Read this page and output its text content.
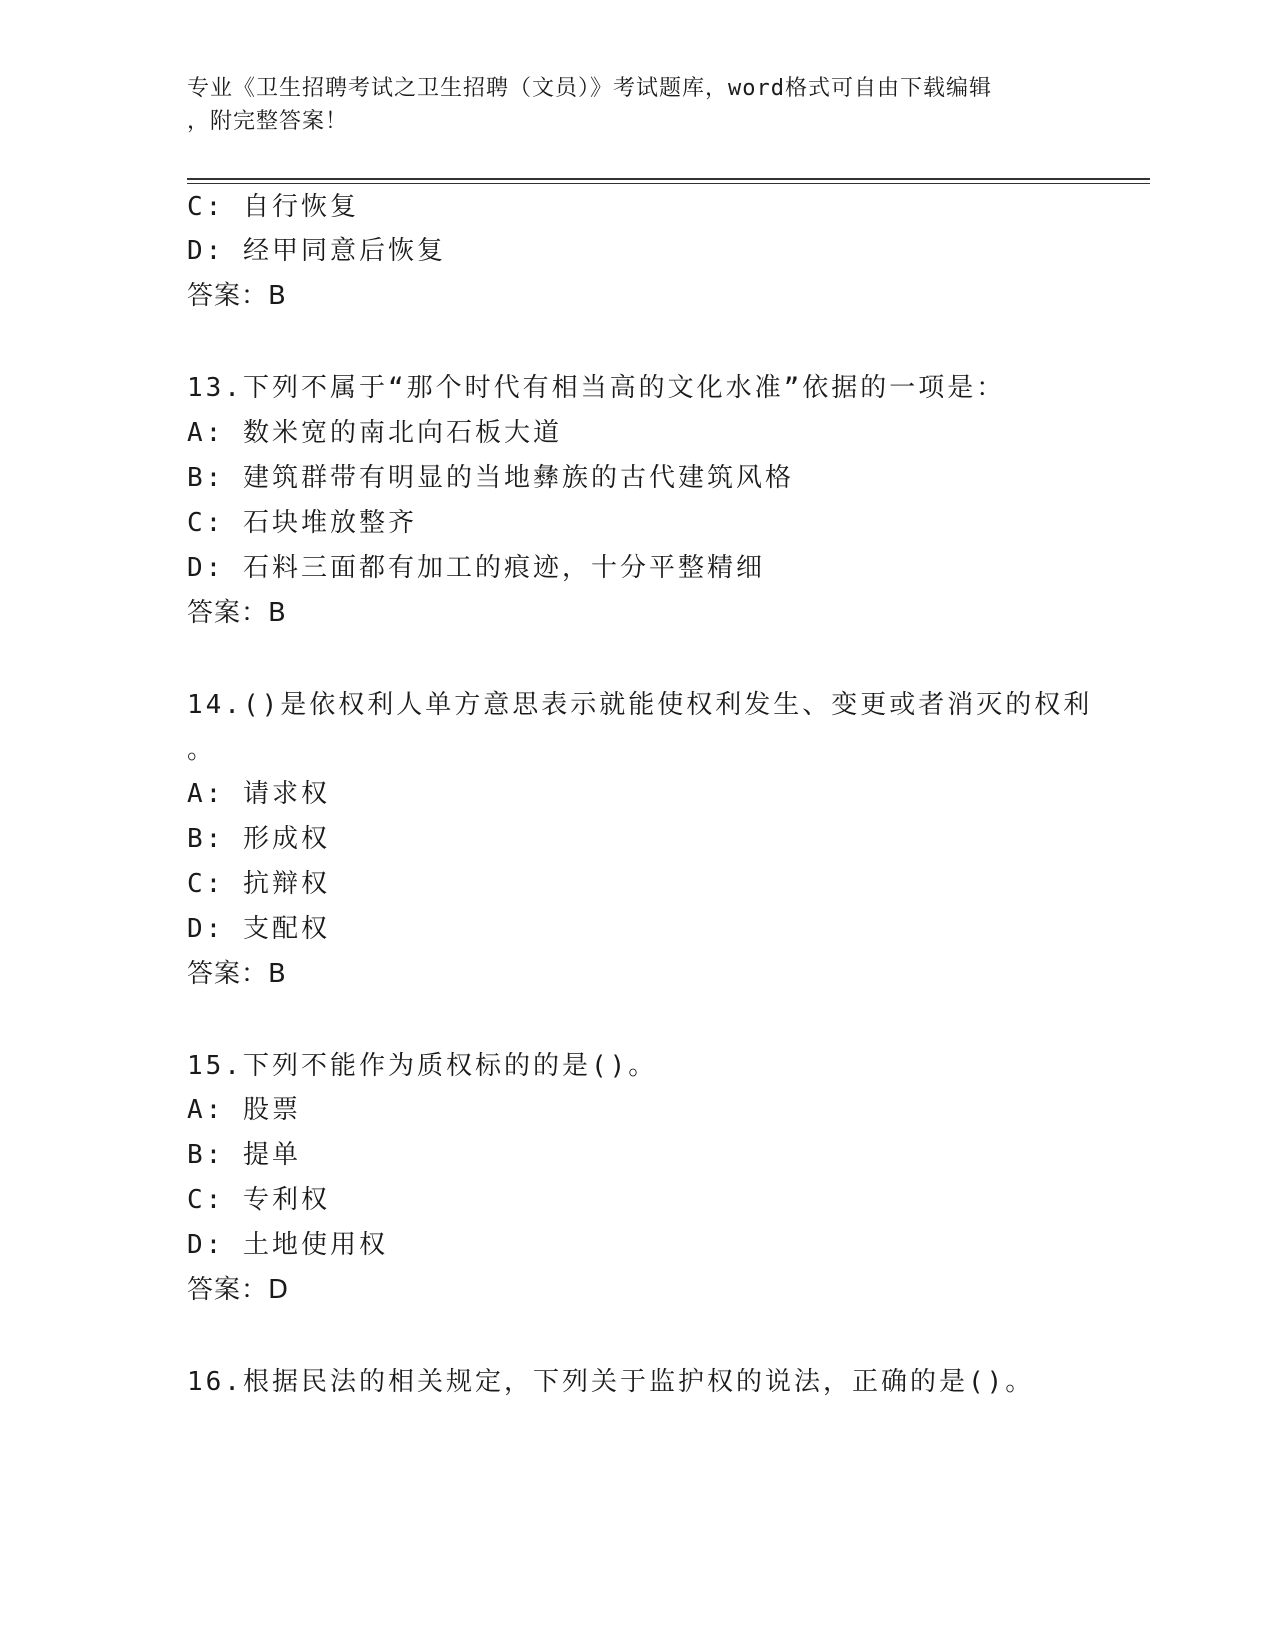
专业《卫生招聘考试之卫生招聘（文员）》考试题库，word格式可自由下载编辑
，附完整答案！
C: 自行恢复
D: 经甲同意后恢复
答案：B
13.下列不属于“那个时代有相当高的文化水准”依据的一项是：
A: 数米宽的南北向石板大道
B: 建筑群带有明显的当地彝族的古代建筑风格
C: 石块堆放整齐
D: 石料三面都有加工的痕迹，十分平整精细
答案：B
14.()是依权利人单方意思表示就能使权利发生、变更或者消灭的权利
。
A: 请求权
B: 形成权
C: 抗辩权
D: 支配权
答案：B
15.下列不能作为质权标的的是()。
A: 股票
B: 提单
C: 专利权
D: 土地使用权
答案：D
16.根据民法的相关规定，下列关于监护权的说法，正确的是()。
